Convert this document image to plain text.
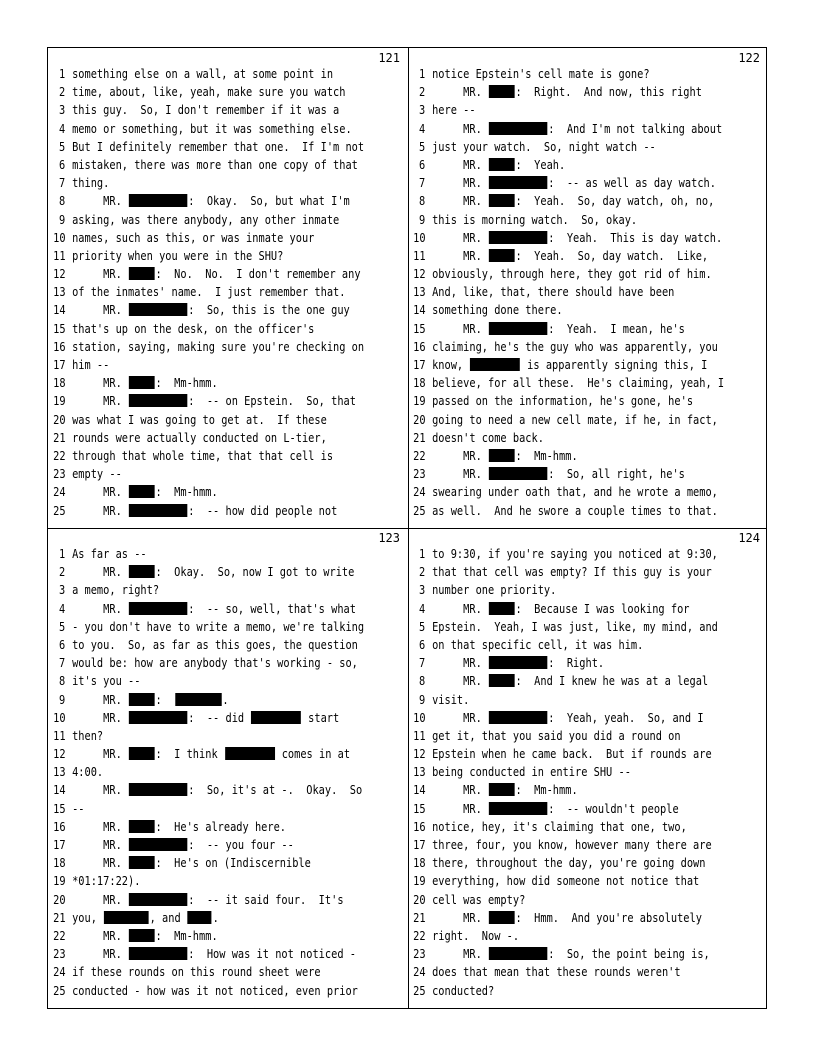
121
1 something else on a wall, at some point in
2 time, about, like, yeah, make sure you watch
3 this guy.  So, I don't remember if it was a
4 memo or something, but it was something else.
5 But I definitely remember that one.  If I'm not
6 mistaken, there was more than one copy of that
7 thing.
8 MR.	:  Okay.  So, but what I'm
9 asking, was there anybody, any other inmate
10 names, such as this, or was inmate your
11 priority when you were in the SHU?
12 MR. :  No.  No.  I don't remember any
13 of the inmates' name.  I just remember that.
14 MR.	:  So, this is the one guy
15 that's up on the desk, on the officer's
16 station, saying, making sure you're checking on
17 him --
18 MR. :  Mm-hmm.
19 MR.	:  -- on Epstein.  So, that
20 was what I was going to get at.  If these
21 rounds were actually conducted on L-tier,
22 through that whole time, that that cell is
23 empty --
24 MR. :  Mm-hmm.
25 MR.	:  -- how did people not
122
1 notice Epstein's cell mate is gone?
2 MR. :  Right.  And now, this right
3 here --
4 MR.	:  And I'm not talking about
5 just your watch.  So, night watch --
6 MR. :  Yeah.
7 MR.	:  -- as well as day watch.
8 MR. :  Yeah.  So, day watch, oh, no,
9 this is morning watch.  So, okay.
10 MR.	:  Yeah.  This is day watch.
11 MR. :  Yeah.  So, day watch.  Like,
12 obviously, through here, they got rid of him.
13 And, like, that, there should have been
14 something done there.
15 MR.	:  Yeah.  I mean, he's
16 claiming, he's the guy who was apparently, you
17 know,	is apparently signing this, I
18 believe, for all these.  He's claiming, yeah, I
19 passed on the information, he's gone, he's
20 going to need a new cell mate, if he, in fact,
21 doesn't come back.
22 MR. :  Mm-hmm.
23 MR.	:  So, all right, he's
24 swearing under oath that, and he wrote a memo,
25 as well.  And he swore a couple times to that.
123
1 As far as --
2 MR. :  Okay.  So, now I got to write
3 a memo, right?
4 MR.	:  -- so, well, that's what
5 - you don't have to write a memo, we're talking
6 to you.  So, as far as this goes, the question
7 would be: how are anybody that's working - so,
8 it's you --
9 MR. :	.
10 MR.	:  -- did	start
11 then?
12 MR. :  I think	comes in at
13 4:00.
14 MR.	:  So, it's at -.  Okay.  So
15 --
16 MR. :  He's already here.
17 MR.	:  -- you four --
18 MR. :  He's on (Indiscernible
19 *01:17:22).
20 MR.	:  -- it said four.  It's
21 you,	, and .
22 MR. :  Mm-hmm.
23 MR.	:  How was it not noticed -
24 if these rounds on this round sheet were
25 conducted - how was it not noticed, even prior
124
1 to 9:30, if you're saying you noticed at 9:30,
2 that that cell was empty? If this guy is your
3 number one priority.
4 MR. :  Because I was looking for
5 Epstein.  Yeah, I was just, like, my mind, and
6 on that specific cell, it was him.
7 MR.	:  Right.
8 MR. :  And I knew he was at a legal
9 visit.
10 MR.	:  Yeah, yeah.  So, and I
11 get it, that you said you did a round on
12 Epstein when he came back.  But if rounds are
13 being conducted in entire SHU --
14 MR. :  Mm-hmm.
15 MR.	:  -- wouldn't people
16 notice, hey, it's claiming that one, two,
17 three, four, you know, however many there are
18 there, throughout the day, you're going down
19 everything, how did someone not notice that
20 cell was empty?
21 MR. :  Hmm.  And you're absolutely
22 right.  Now -.
23 MR.	:  So, the point being is,
24 does that mean that these rounds weren't
25 conducted?
